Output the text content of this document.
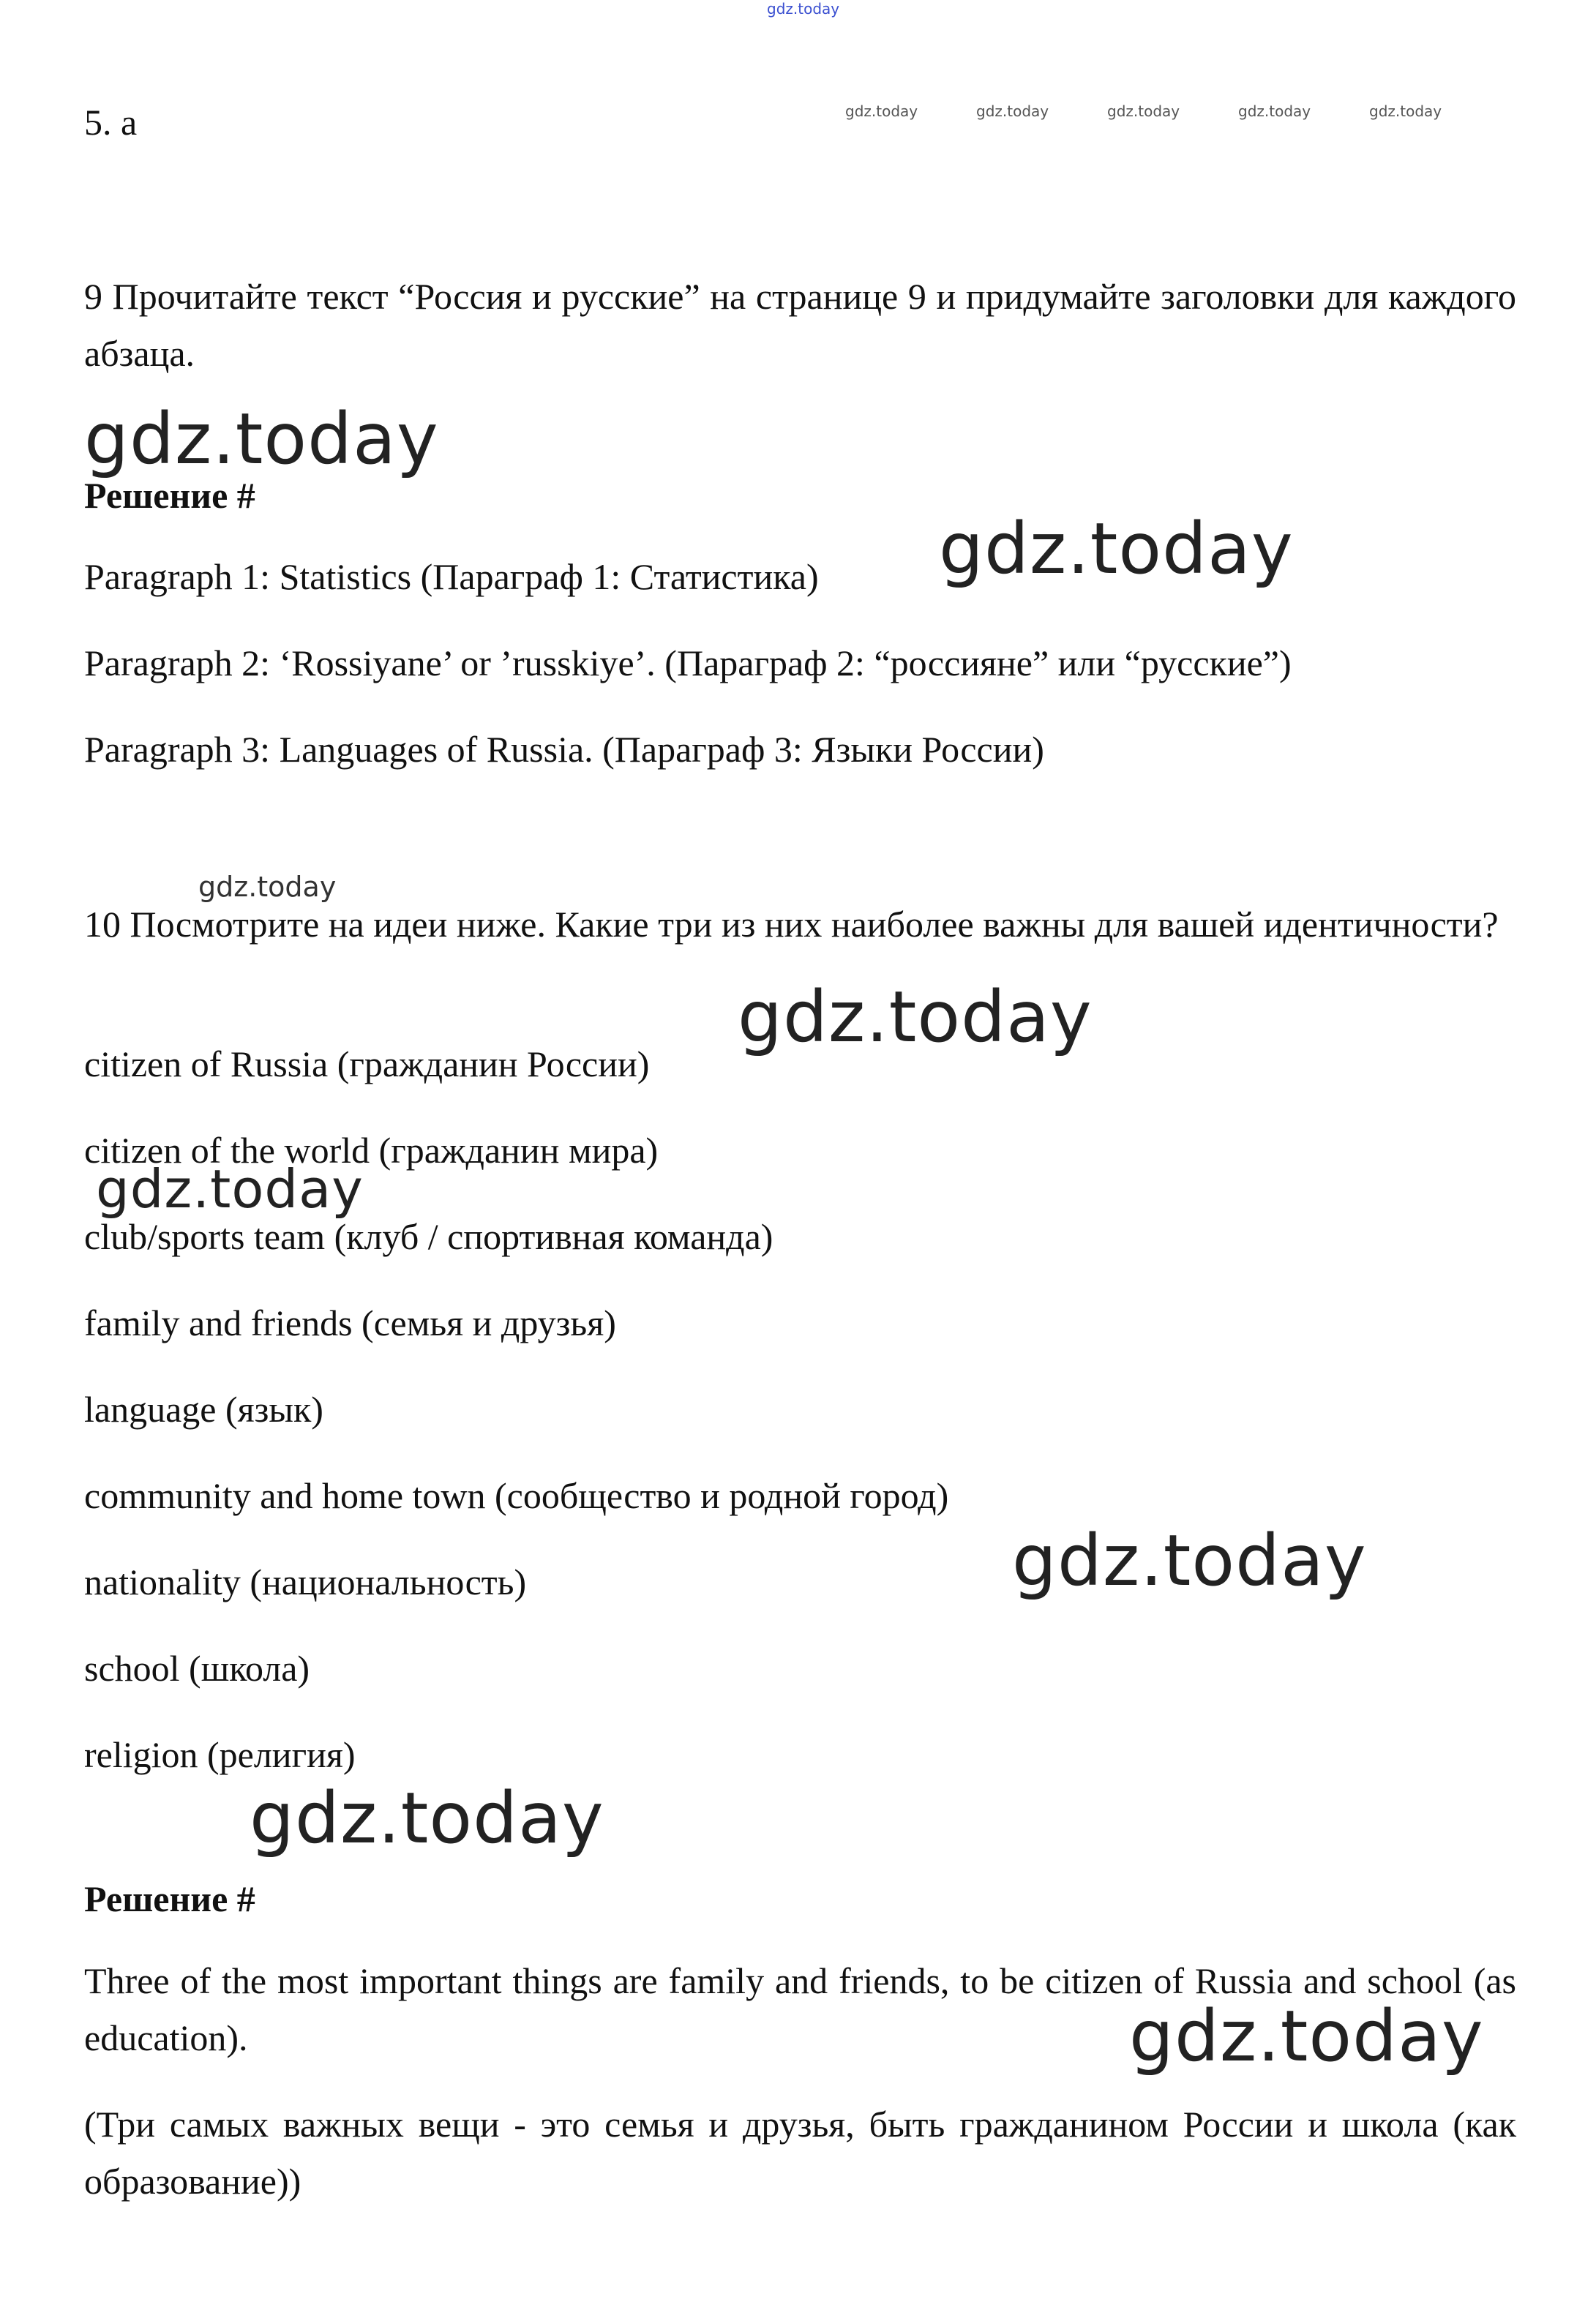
gdz.today
5. a	gdz.today	gdz.today	gdz.today	gdz.today	gdz.today
9 Прочитайте текст “Россия и русские” на странице 9 и придумайте заголовки для каждого абзаца.
gdz.today
Решение #
Paragraph 1: Statistics (Параграф 1: Статистика) gdz.today
Paragraph 2: ‘Rossiyane’ or ’russkiye’. (Параграф 2: “россияне” или “русские”)
Paragraph 3: Languages of Russia. (Параграф 3: Языки России)
gdz.today
10 Посмотрите на идеи ниже. Какие три из них наиболее важны для вашей идентичности?
gdz.today
citizen of Russia (гражданин России)
citizen of the world (гражданин мира)
gdz.today
club/sports team (клуб / спортивная команда)
family and friends (семья и друзья)
language (язык)
community and home town (сообщество и родной город)
gdz.today
nationality (национальность)
school (школа)
religion (религия)
gdz.today
Решение #
Three of the most important things are family and friends, to be citizen of Russia and school (as education).	gdz.today
(Три самых важных вещи - это семья и друзья, быть гражданином России и школа (как образование))
